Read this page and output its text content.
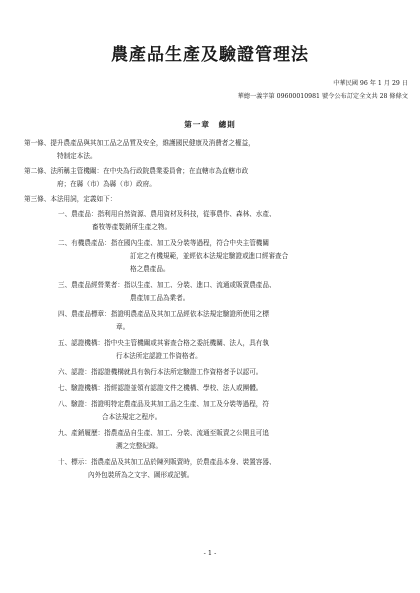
農產品生產及驗證管理法
中華民國 96 年 1 月 29 日
華總一義字第 09600010981 號令公布訂定全文共 28 條條文
第一章　總則
第一條、提升農產品與其加工品之品質及安全，維護國民健康及消費者之權益，
特制定本法。
第二條、法所稱主管機關：在中央為行政院農業委員會；在直轄市為直轄市政
府；在縣（市）為縣（市）政府。
第三條、本法用詞，定義如下：
一、農產品：指利用自然資源、農用資材及科技，從事農作、森林、水產、
畜牧等產製銷所生產之物。
二、有機農產品：指在國內生產、加工及分裝等過程，符合中央主管機關
訂定之有機規範，並經依本法規定驗證或進口經審查合
格之農產品。
三、農產品經營業者：指以生產、加工、分裝、進口、流通或販賣農產品、
農產加工品為業者。
四、農產品標章：指證明農產品及其加工品經依本法規定驗證所使用之標
章。
五、認證機構：指中央主管機關或其審查合格之委託機關、法人，具有執
行本法所定認證工作資格者。
六、認證：指認證機構就具有執行本法所定驗證工作資格者予以認可。
七、驗證機構：指經認證並領有認證文件之機構、學校、法人或團體。
八、驗證：指證明特定農產品及其加工品之生產、加工及分裝等過程，符
合本法規定之程序。
九、產銷履歷：指農產品自生產、加工、分裝、流通至販賣之公開且可追
溯之完整紀錄。
十、標示：指農產品及其加工品於陳列販賣時，於農產品本身、裝置容器、
內外包裝所為之文字、圖形或記號。
- 1 -
